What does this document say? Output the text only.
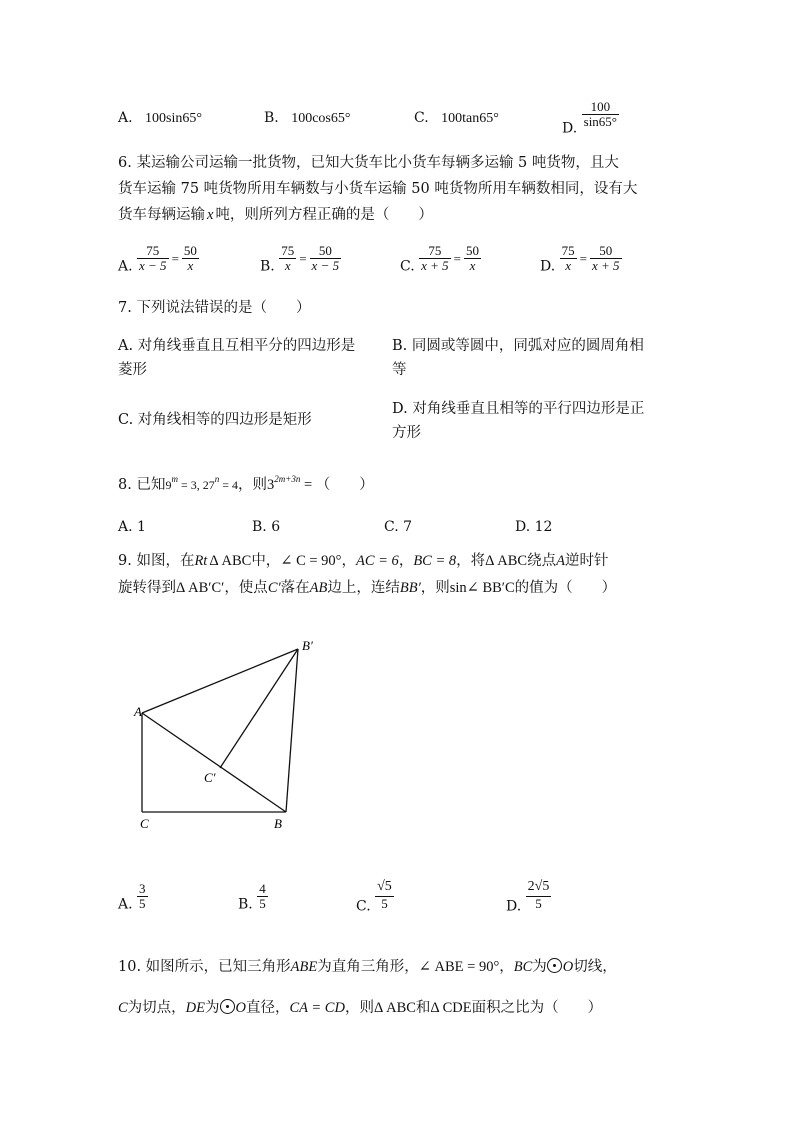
A. 100sin65°	B. 100cos65°	C. 100tan65°
D. $\frac{100}{\sin 65^\circ}$
6. 某运输公司运输一批货物，已知大货车比小货车每辆多运输 5 吨货物，且大
货车运输 75 吨货物所用车辆数与小货车运输 50 吨货物所用车辆数相同，设有大
货车每辆运输 x 吨，则所列方程正确的是（　　）
A. $\frac{75}{x - 5} = \frac{50}{x}$	B. $\frac{75}{x} = \frac{50}{x - 5}$	C. $\frac{75}{x + 5} = \frac{50}{x}$	D. $\frac{75}{x} = \frac{50}{x + 5}$
7. 下列说法错误的是（　　）
A. 对角线垂直且互相平分的四边形是
菱形
B. 同圆或等圆中，同弧对应的圆周角相
等
C. 对角线相等的四边形是矩形
D. 对角线垂直且相等的平行四边形是正
方形
8. 已知$9^m = 3$, $27^n = 4$，则$3^{2m+3n}$ = （　　）
A. 1	B. 6	C. 7	D. 12
9. 如图，在Rt Δ ABC中，∠ C = 90°，AC = 6，BC = 8，将Δ ABC绕点A逆时针
旋转得到Δ AB′C′，使点C′落在AB边上，连结BB′，则sin∠ BB′C的值为（　　）
A
B′
C′
C	B
A. $\frac{3}{5}$	B. $\frac{4}{5}$	C. $\frac{√5}{5}$	D. $\frac{2√5}{5}$
10. 如图所示，已知三角形ABE为直角三角形，∠ ABE = 90°，BC为 O切线，
C为切点，DE为 O直径，CA = CD，则Δ ABC和Δ CDE面积之比为（　　）
